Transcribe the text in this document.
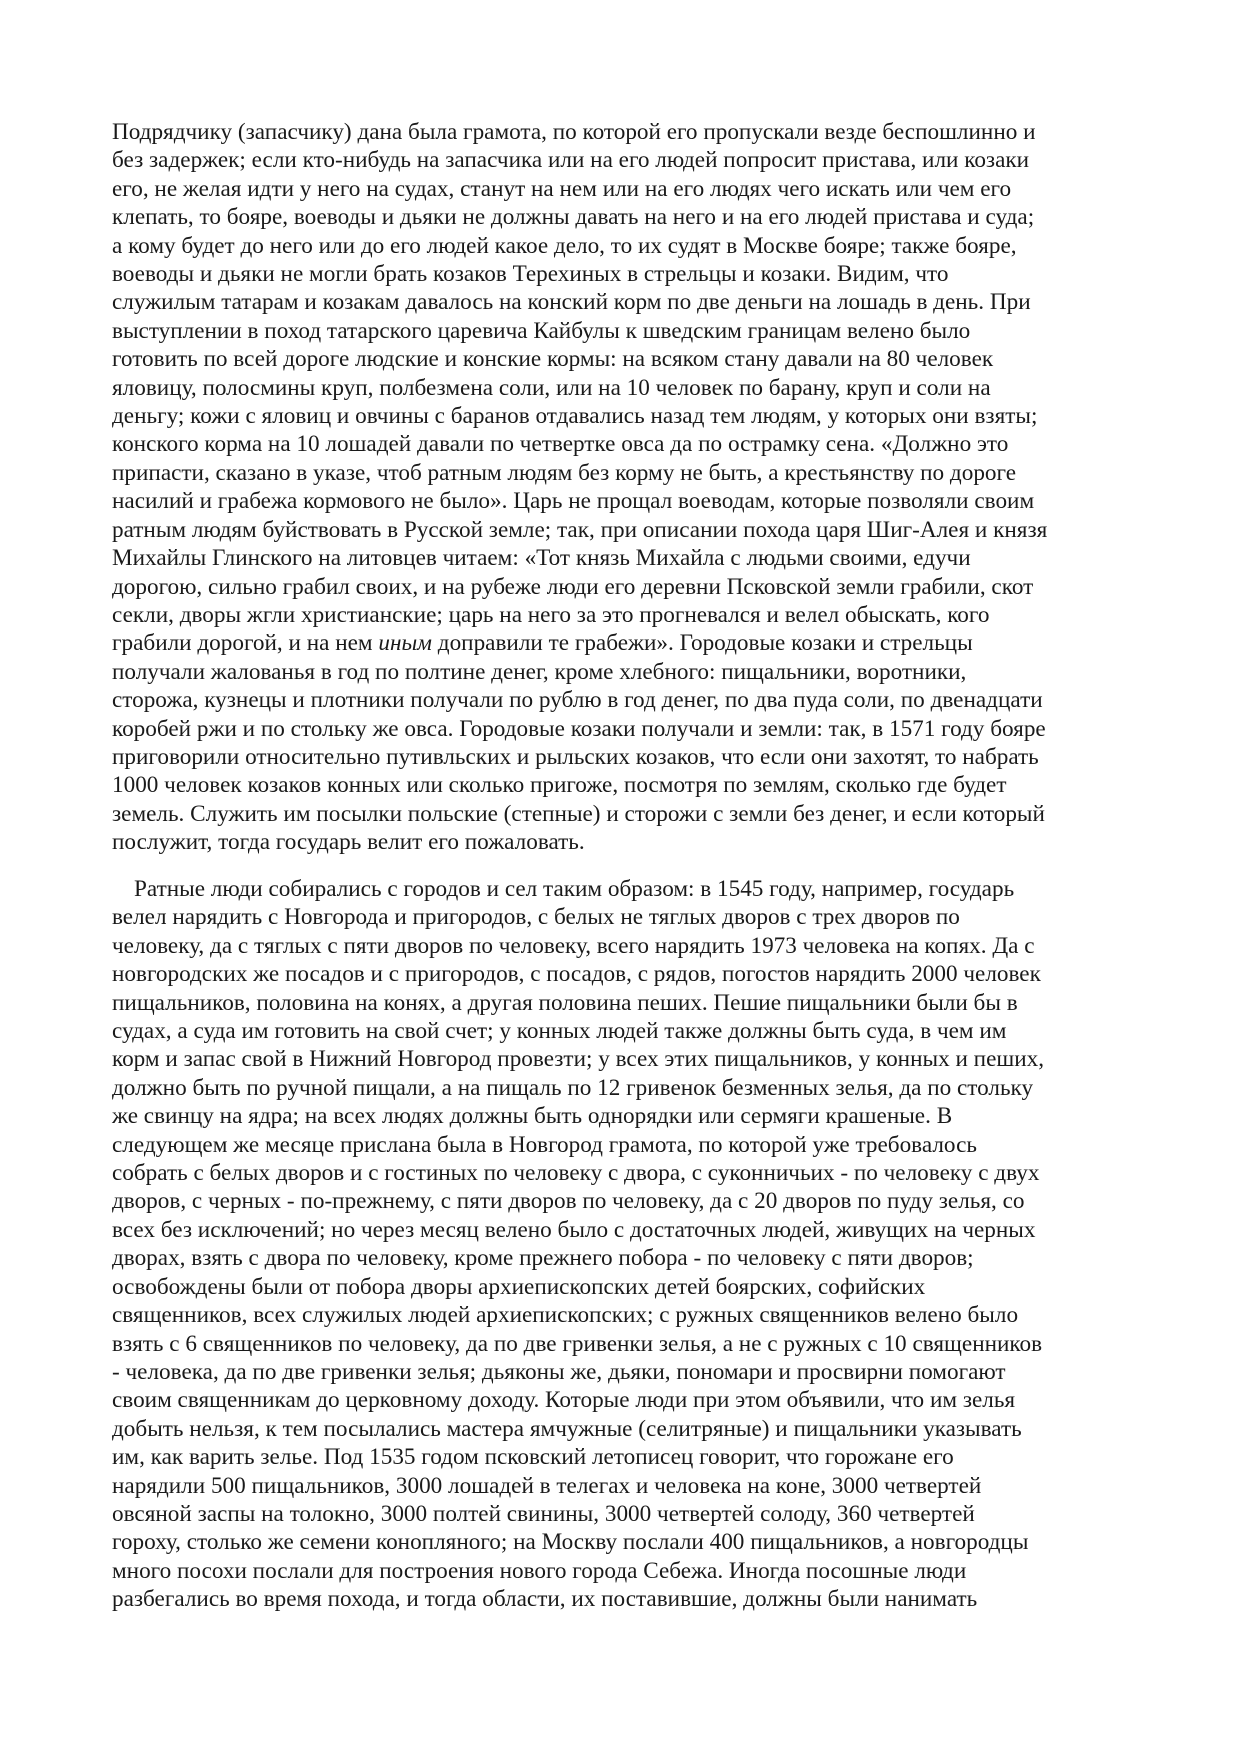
Подрядчику (запасчику) дана была грамота, по которой его пропускали везде беспошлинно и
без задержек; если кто-нибудь на запасчика или на его людей попросит пристава, или козаки
его, не желая идти у него на судах, станут на нем или на его людях чего искать или чем его
клепать, то бояре, воеводы и дьяки не должны давать на него и на его людей пристава и суда;
а кому будет до него или до его людей какое дело, то их судят в Москве бояре; также бояре,
воеводы и дьяки не могли брать козаков Терехиных в стрельцы и козаки. Видим, что
служилым татарам и козакам давалось на конский корм по две деньги на лошадь в день. При
выступлении в поход татарского царевича Кайбулы к шведским границам велено было
готовить по всей дороге людские и конские кормы: на всяком стану давали на 80 человек
яловицу, полосмины круп, полбезмена соли, или на 10 человек по барану, круп и соли на
деньгу; кожи с яловиц и овчины с баранов отдавались назад тем людям, у которых они взяты;
конского корма на 10 лошадей давали по четвертке овса да по острамку сена. «Должно это
припасти, сказано в указе, чтоб ратным людям без корму не быть, а крестьянству по дороге
насилий и грабежа кормового не было». Царь не прощал воеводам, которые позволяли своим
ратным людям буйствовать в Русской земле; так, при описании похода царя Шиг-Алея и князя
Михайлы Глинского на литовцев читаем: «Тот князь Михайла с людьми своими, едучи
дорогою, сильно грабил своих, и на рубеже люди его деревни Псковской земли грабили, скот
секли, дворы жгли христианские; царь на него за это прогневался и велел обыскать, кого
грабили дорогой, и на нем иным доправили те грабежи». Городовые козаки и стрельцы
получали жалованья в год по полтине денег, кроме хлебного: пищальники, воротники,
сторожа, кузнецы и плотники получали по рублю в год денег, по два пуда соли, по двенадцати
коробей ржи и по стольку же овса. Городовые козаки получали и земли: так, в 1571 году бояре
приговорили относительно путивльских и рыльских козаков, что если они захотят, то набрать
1000 человек козаков конных или сколько пригоже, посмотря по землям, сколько где будет
земель. Служить им посылки польские (степные) и сторожи с земли без денег, и если который
послужит, тогда государь велит его пожаловать.
Ратные люди собирались с городов и сел таким образом: в 1545 году, например, государь
велел нарядить с Новгорода и пригородов, с белых не тяглых дворов с трех дворов по
человеку, да с тяглых с пяти дворов по человеку, всего нарядить 1973 человека на копях. Да с
новгородских же посадов и с пригородов, с посадов, с рядов, погостов нарядить 2000 человек
пищальников, половина на конях, а другая половина пеших. Пешие пищальники были бы в
судах, а суда им готовить на свой счет; у конных людей также должны быть суда, в чем им
корм и запас свой в Нижний Новгород провезти; у всех этих пищальников, у конных и пеших,
должно быть по ручной пищали, а на пищаль по 12 гривенок безменных зелья, да по стольку
же свинцу на ядра; на всех людях должны быть однорядки или сермяги крашеные. В
следующем же месяце прислана была в Новгород грамота, по которой уже требовалось
собрать с белых дворов и с гостиных по человеку с двора, с суконничьих - по человеку с двух
дворов, с черных - по-прежнему, с пяти дворов по человеку, да с 20 дворов по пуду зелья, со
всех без исключений; но через месяц велено было с достаточных людей, живущих на черных
дворах, взять с двора по человеку, кроме прежнего побора - по человеку с пяти дворов;
освобождены были от побора дворы архиепископских детей боярских, софийских
священников, всех служилых людей архиепископских; с ружных священников велено было
взять с 6 священников по человеку, да по две гривенки зелья, а не с ружных с 10 священников
- человека, да по две гривенки зелья; дьяконы же, дьяки, пономари и просвирни помогают
своим священникам до церковному доходу. Которые люди при этом объявили, что им зелья
добыть нельзя, к тем посылались мастера ямчужные (селитряные) и пищальники указывать
им, как варить зелье. Под 1535 годом псковский летописец говорит, что горожане его
нарядили 500 пищальников, 3000 лошадей в телегах и человека на коне, 3000 четвертей
овсяной заспы на толокно, 3000 полтей свинины, 3000 четвертей солоду, 360 четвертей
гороху, столько же семени конопляного; на Москву послали 400 пищальников, а новгородцы
много посохи послали для построения нового города Себежа. Иногда посошные люди
разбегались во время похода, и тогда области, их поставившие, должны были нанимать
